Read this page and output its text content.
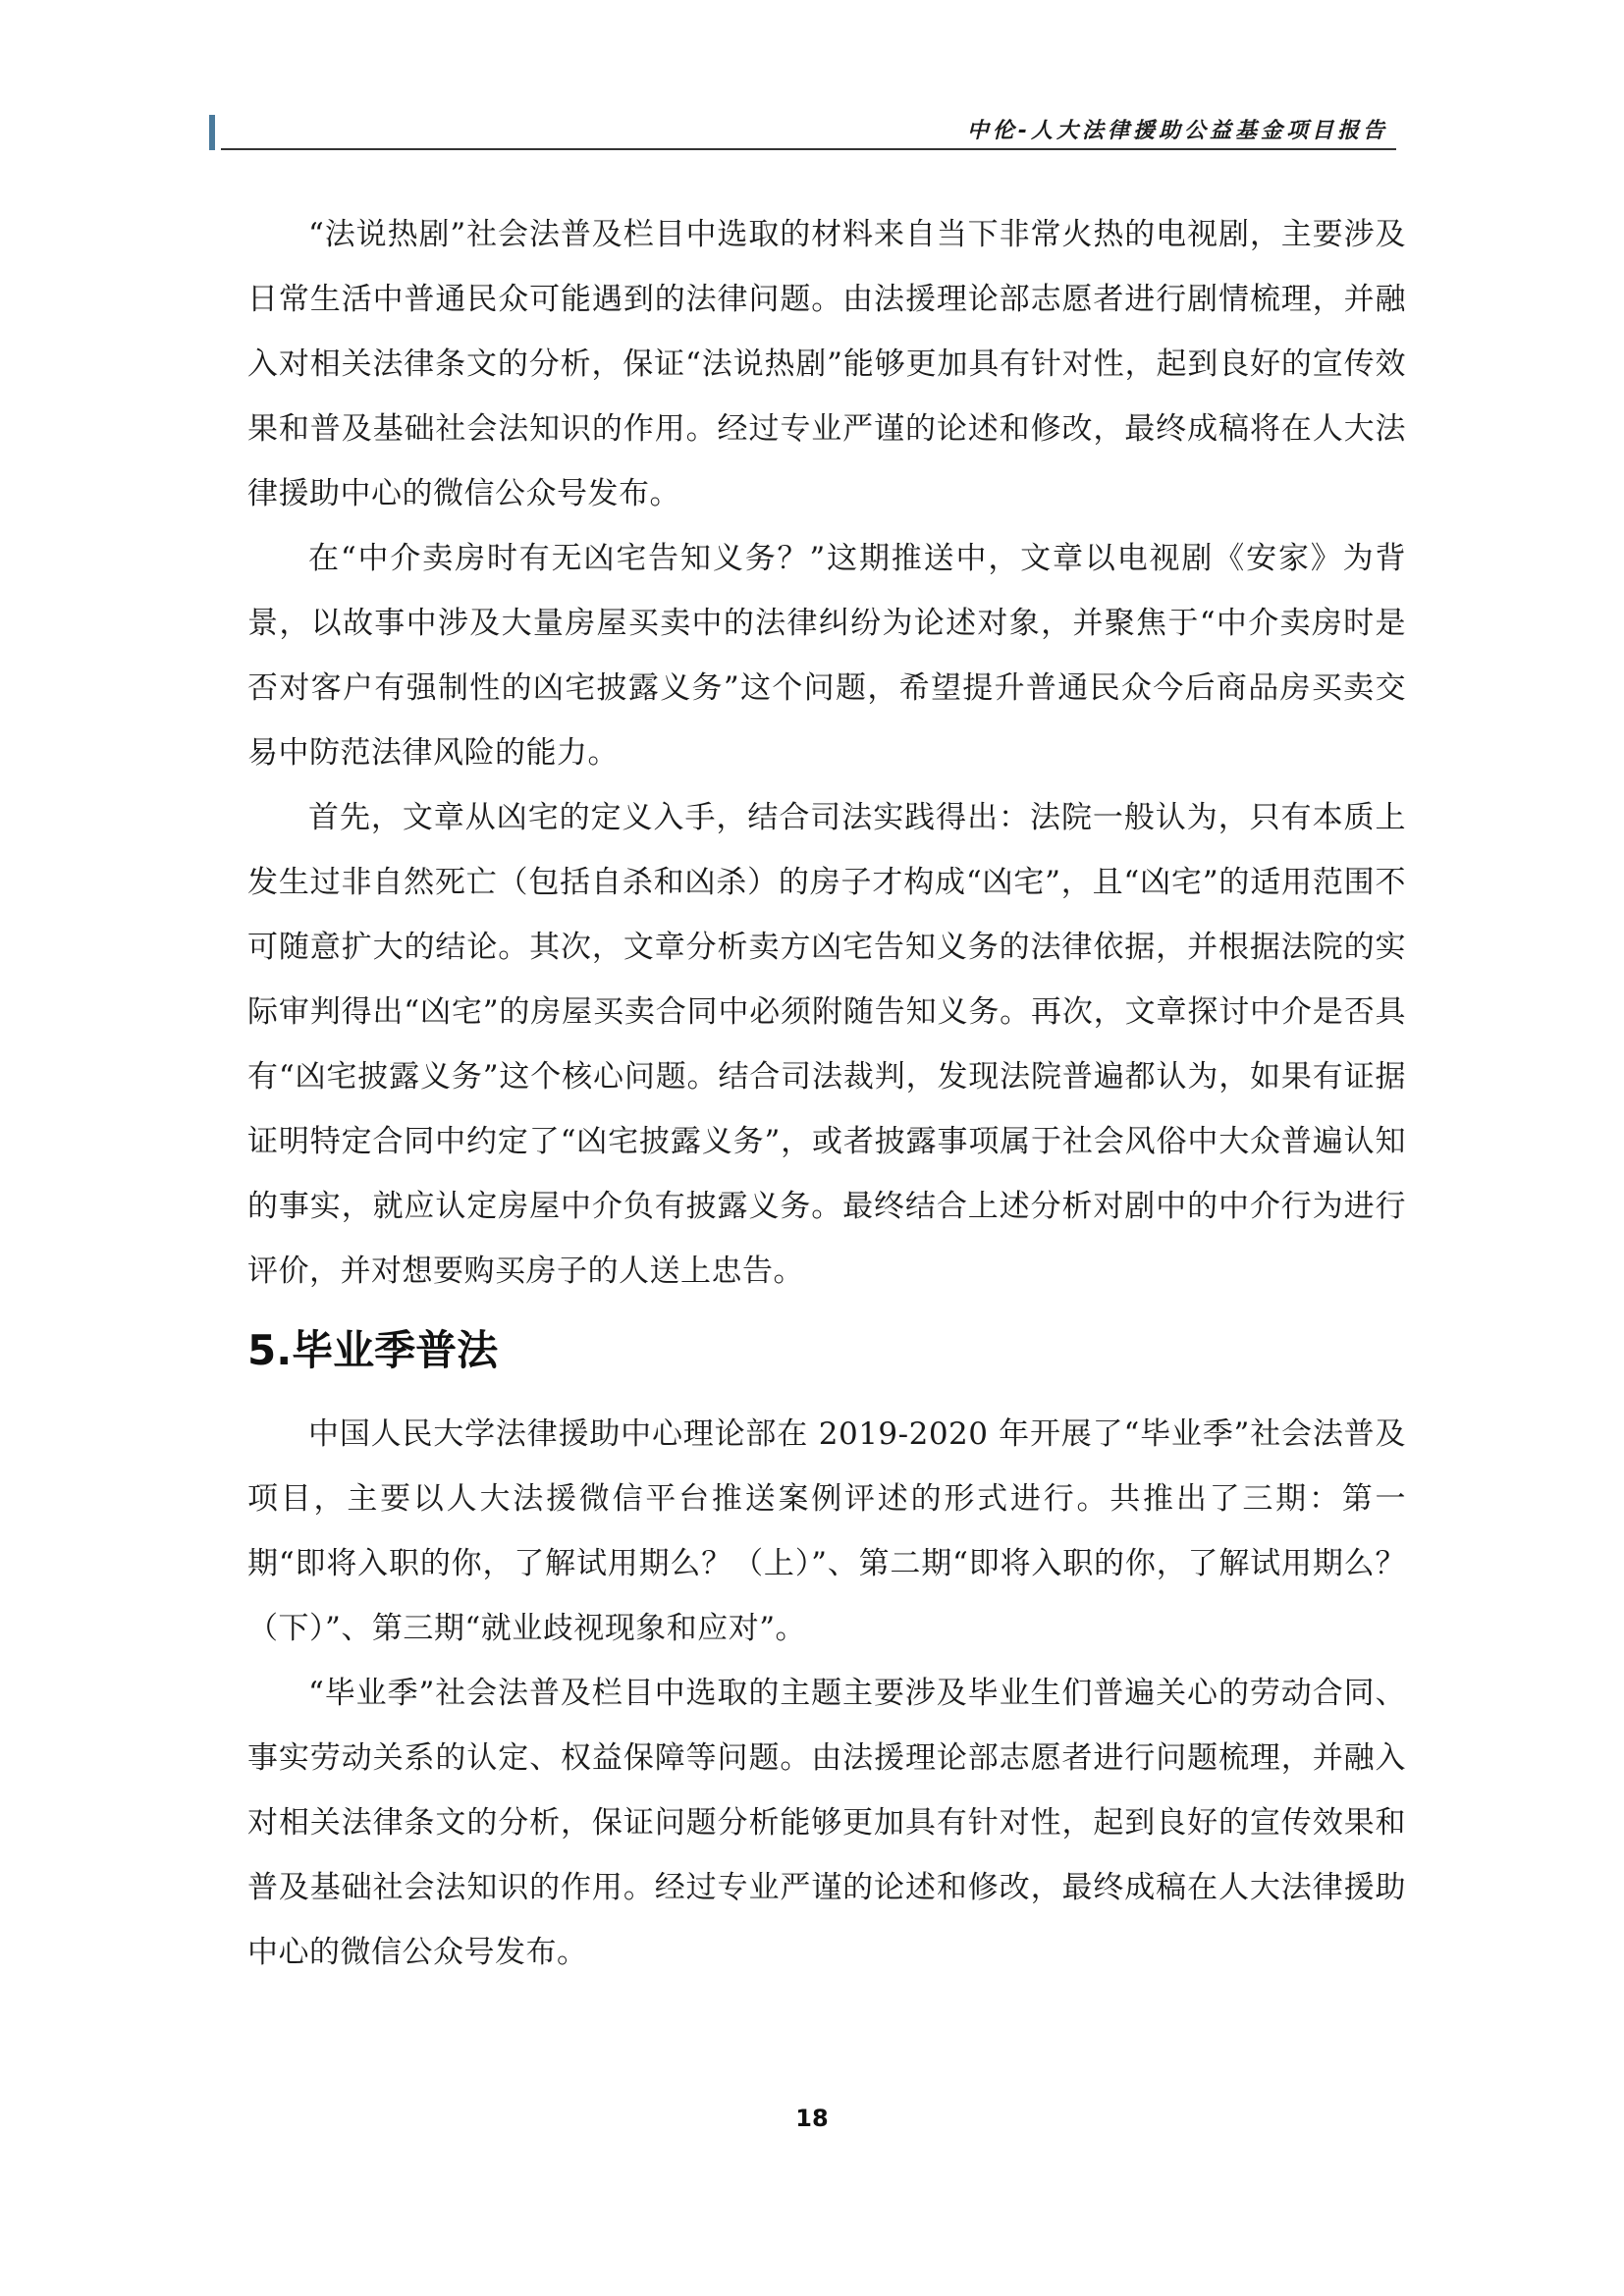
中伦-人大法律援助公益基金项目报告

“法说热剧”社会法普及栏目中选取的材料来自当下非常火热的电视剧，主要涉及日常生活中普通民众可能遇到的法律问题。由法援理论部志愿者进行剧情梳理，并融入对相关法律条文的分析，保证“法说热剧”能够更加具有针对性，起到良好的宣传效果和普及基础社会法知识的作用。经过专业严谨的论述和修改，最终成稿将在人大法律援助中心的微信公众号发布。

在“中介卖房时有无凶宅告知义务？”这期推送中，文章以电视剧《安家》为背景，以故事中涉及大量房屋买卖中的法律纠纷为论述对象，并聚焦于“中介卖房时是否对客户有强制性的凶宅披露义务”这个问题，希望提升普通民众今后商品房买卖交易中防范法律风险的能力。

首先，文章从凶宅的定义入手，结合司法实践得出：法院一般认为，只有本质上发生过非自然死亡（包括自杀和凶杀）的房子才构成“凶宅”，且“凶宅”的适用范围不可随意扩大的结论。其次，文章分析卖方凶宅告知义务的法律依据，并根据法院的实际审判得出“凶宅”的房屋买卖合同中必须附随告知义务。再次，文章探讨中介是否具有“凶宅披露义务”这个核心问题。结合司法裁判，发现法院普遍都认为，如果有证据证明特定合同中约定了“凶宅披露义务”，或者披露事项属于社会风俗中大众普遍认知的事实，就应认定房屋中介负有披露义务。最终结合上述分析对剧中的中介行为进行评价，并对想要购买房子的人送上忠告。

5.毕业季普法

中国人民大学法律援助中心理论部在 2019-2020 年开展了“毕业季”社会法普及项目，主要以人大法援微信平台推送案例评述的形式进行。共推出了三期：第一期“即将入职的你，了解试用期么？（上）”、第二期“即将入职的你，了解试用期么？（下）”、第三期“就业歧视现象和应对”。

“毕业季”社会法普及栏目中选取的主题主要涉及毕业生们普遍关心的劳动合同、事实劳动关系的认定、权益保障等问题。由法援理论部志愿者进行问题梳理，并融入对相关法律条文的分析，保证问题分析能够更加具有针对性，起到良好的宣传效果和普及基础社会法知识的作用。经过专业严谨的论述和修改，最终成稿在人大法律援助中心的微信公众号发布。

18
